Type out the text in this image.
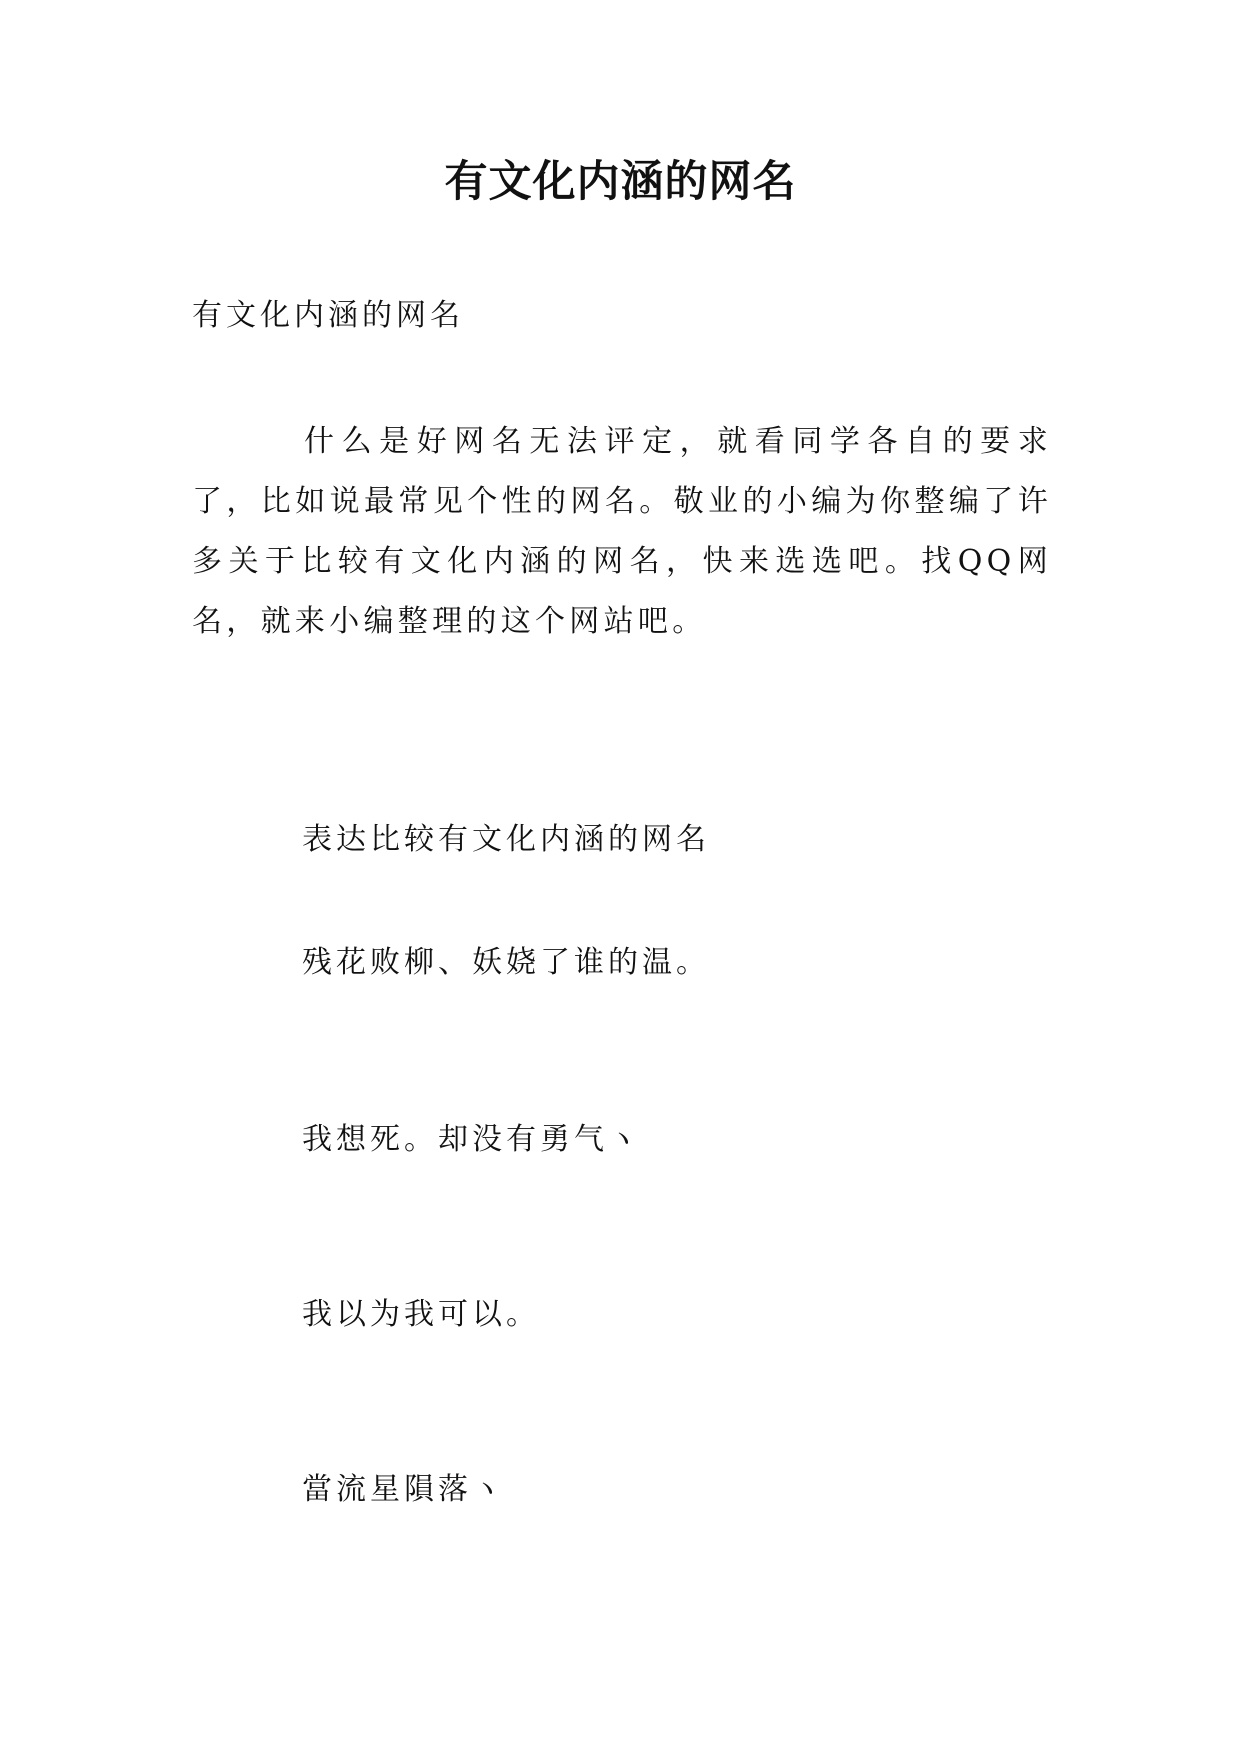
有文化内涵的网名

有文化内涵的网名

什么是好网名无法评定，就看同学各自的要求了，比如说最常见个性的网名。敬业的小编为你整编了许多关于比较有文化内涵的网名，快来选选吧。找QQ网名，就来小编整理的这个网站吧。

表达比较有文化内涵的网名

残花败柳、妖娆了谁的温。

我想死。却没有勇气ヽ

我以为我可以。

當流星隕落ヽ
